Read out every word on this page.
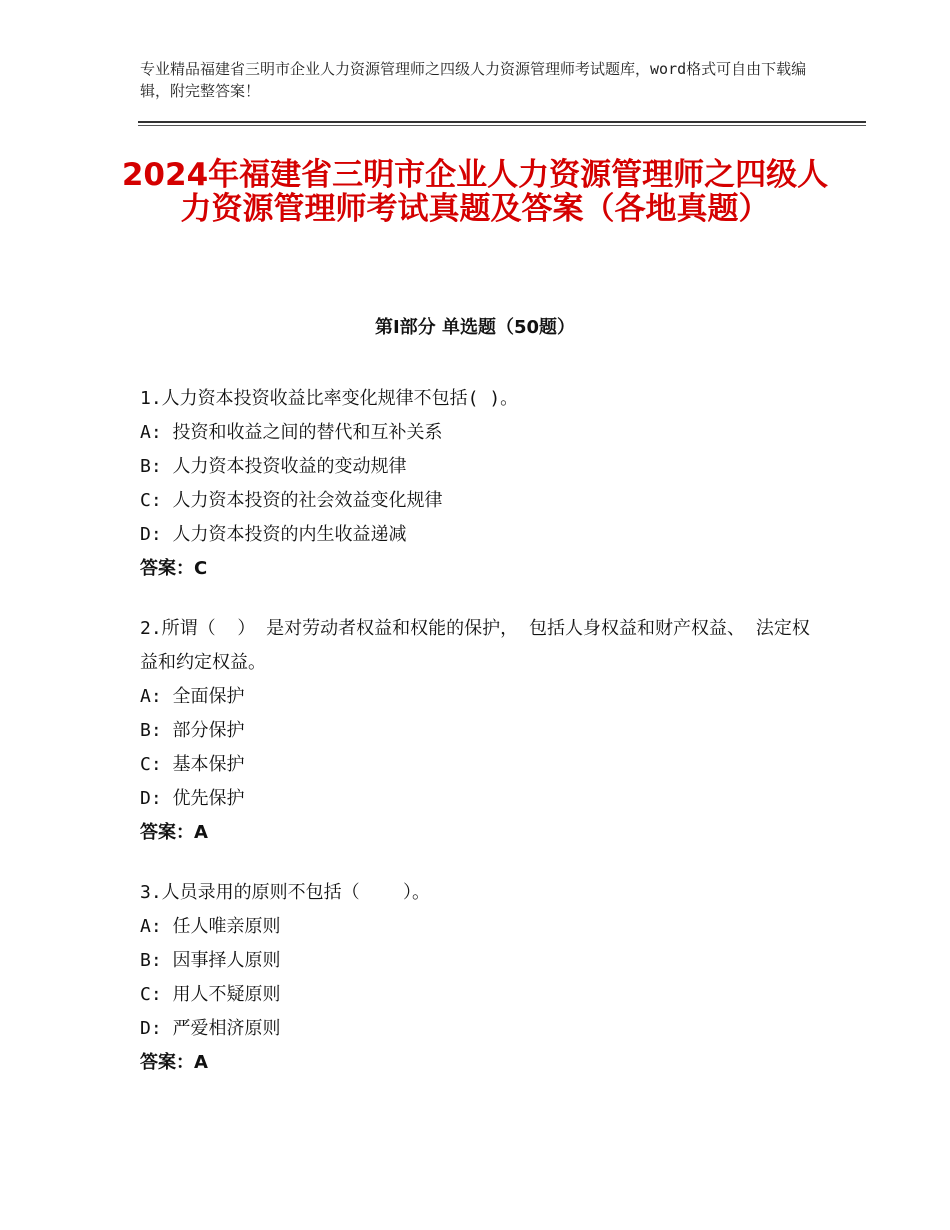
专业精品福建省三明市企业人力资源管理师之四级人力资源管理师考试题库，word格式可自由下载编辑，附完整答案！
2024年福建省三明市企业人力资源管理师之四级人力资源管理师考试真题及答案（各地真题）
第Ⅰ部分 单选题（50题）
1.人力资本投资收益比率变化规律不包括( )。
A: 投资和收益之间的替代和互补关系
B: 人力资本投资收益的变动规律
C: 人力资本投资的社会效益变化规律
D: 人力资本投资的内生收益递减
答案：C
2.所谓（  ） 是对劳动者权益和权能的保护， 包括人身权益和财产权益、 法定权益和约定权益。
A: 全面保护
B: 部分保护
C: 基本保护
D: 优先保护
答案：A
3.人员录用的原则不包括（    ）。
A: 任人唯亲原则
B: 因事择人原则
C: 用人不疑原则
D: 严爱相济原则
答案：A
